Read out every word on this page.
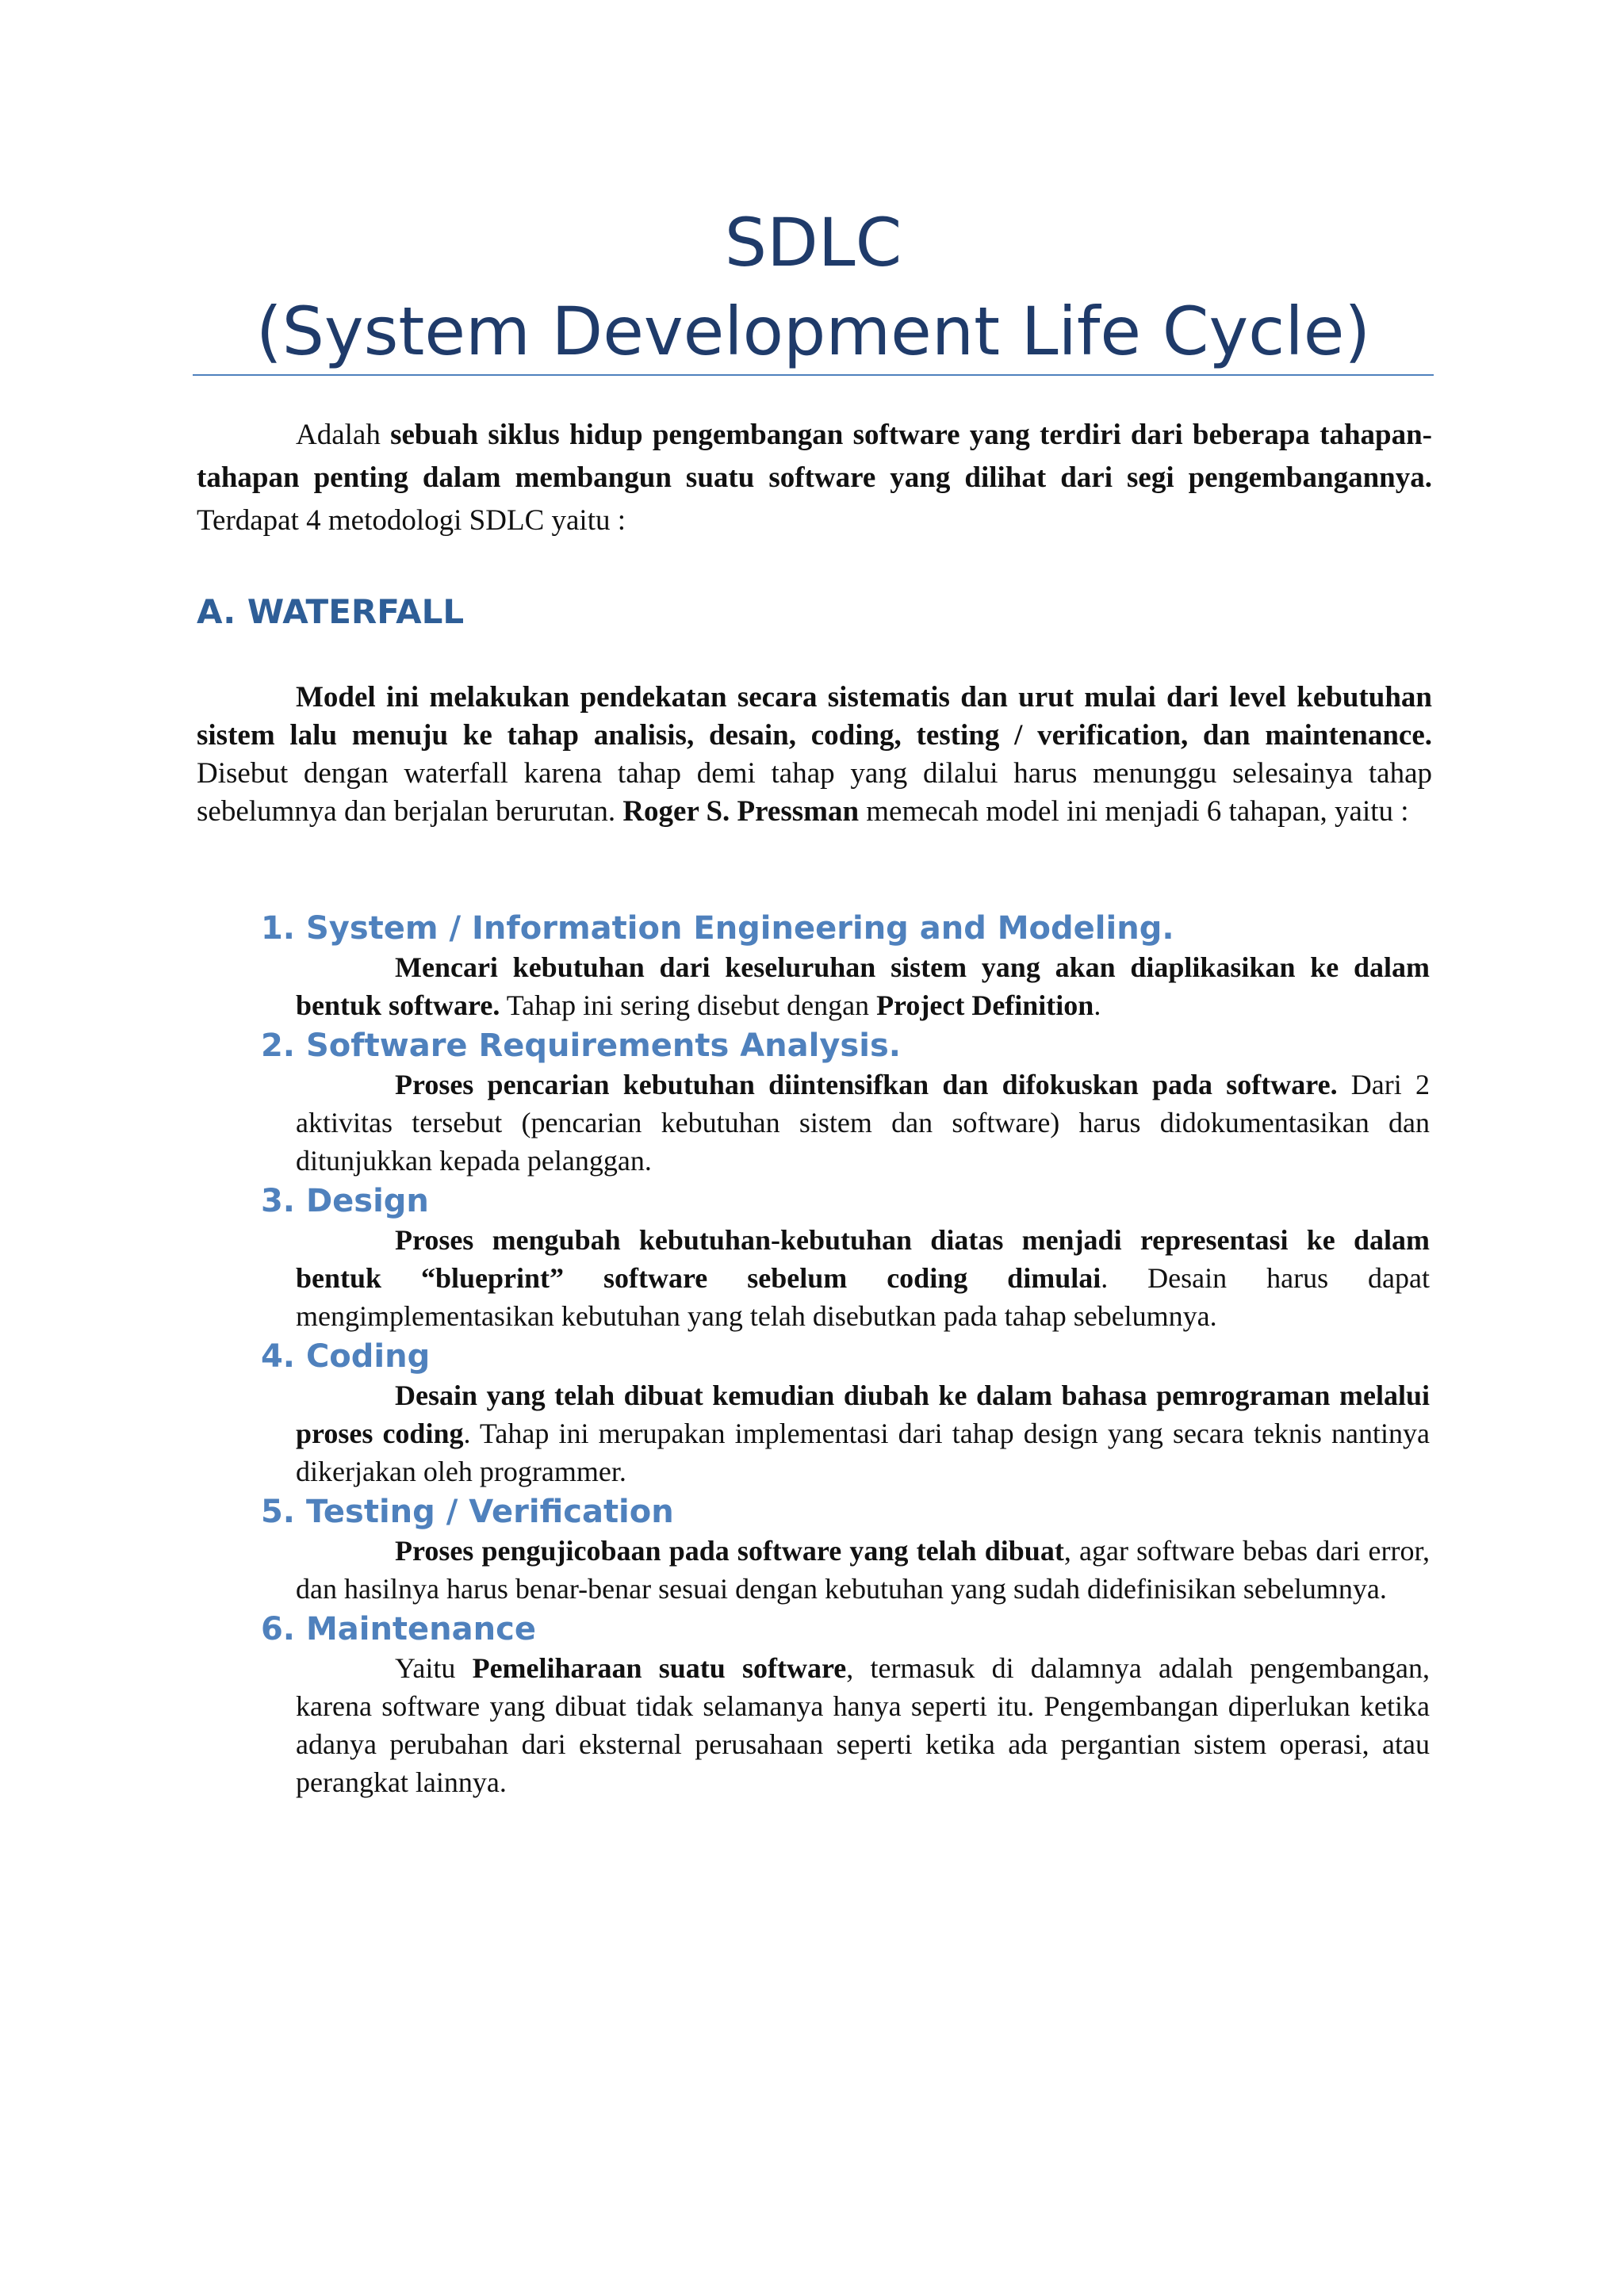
SDLC
(System Development Life Cycle)
Adalah sebuah siklus hidup pengembangan software yang terdiri dari beberapa tahapan-tahapan penting dalam membangun suatu software yang dilihat dari segi pengembangannya. Terdapat 4 metodologi SDLC yaitu :
A. WATERFALL
Model ini melakukan pendekatan secara sistematis dan urut mulai dari level kebutuhan sistem lalu menuju ke tahap analisis, desain, coding, testing / verification, dan maintenance. Disebut dengan waterfall karena tahap demi tahap yang dilalui harus menunggu selesainya tahap sebelumnya dan berjalan berurutan. Roger S. Pressman memecah model ini menjadi 6 tahapan, yaitu :
1. System / Information Engineering and Modeling.
Mencari kebutuhan dari keseluruhan sistem yang akan diaplikasikan ke dalam bentuk software. Tahap ini sering disebut dengan Project Definition.
2. Software Requirements Analysis.
Proses pencarian kebutuhan diintensifkan dan difokuskan pada software. Dari 2 aktivitas tersebut (pencarian kebutuhan sistem dan software) harus didokumentasikan dan ditunjukkan kepada pelanggan.
3. Design
Proses mengubah kebutuhan-kebutuhan diatas menjadi representasi ke dalam bentuk “blueprint” software sebelum coding dimulai. Desain harus dapat mengimplementasikan kebutuhan yang telah disebutkan pada tahap sebelumnya.
4. Coding
Desain yang telah dibuat kemudian diubah ke dalam bahasa pemrograman melalui proses coding. Tahap ini merupakan implementasi dari tahap design yang secara teknis nantinya dikerjakan oleh programmer.
5. Testing / Verification
Proses pengujicobaan pada software yang telah dibuat, agar software bebas dari error, dan hasilnya harus benar-benar sesuai dengan kebutuhan yang sudah didefinisikan sebelumnya.
6. Maintenance
Yaitu Pemeliharaan suatu software, termasuk di dalamnya adalah pengembangan, karena software yang dibuat tidak selamanya hanya seperti itu. Pengembangan diperlukan ketika adanya perubahan dari eksternal perusahaan seperti ketika ada pergantian sistem operasi, atau perangkat lainnya.
